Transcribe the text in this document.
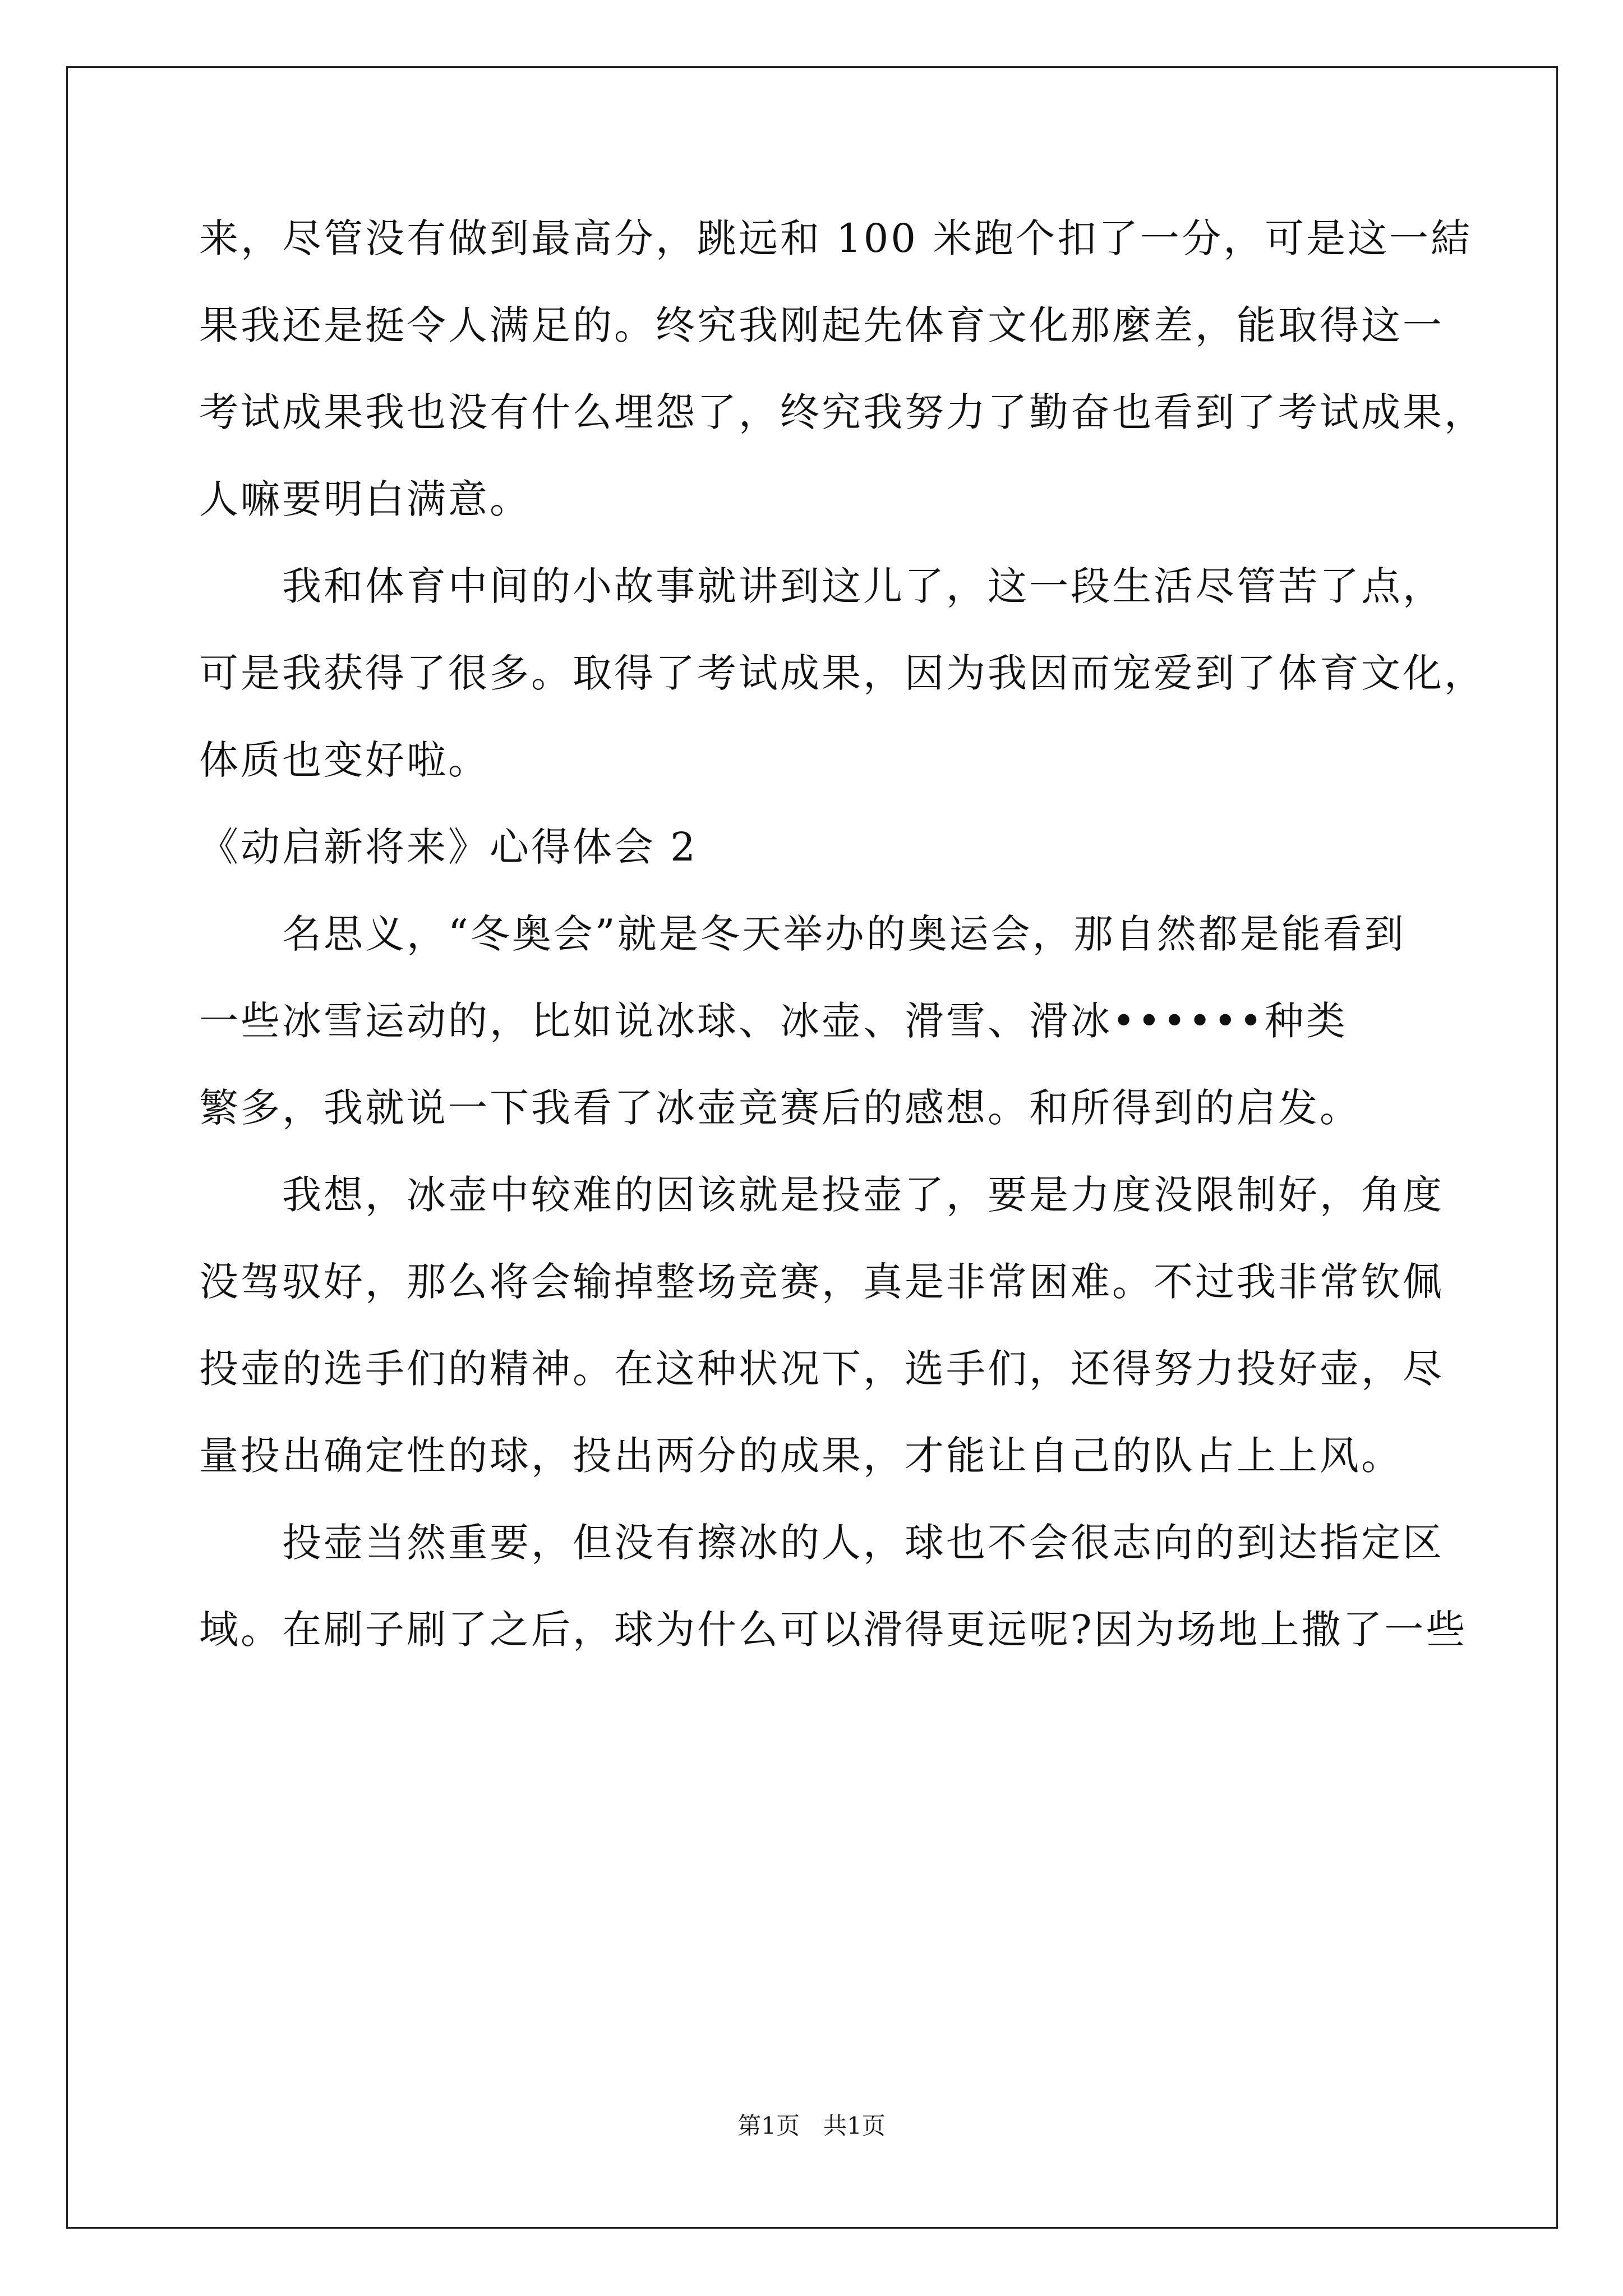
来，尽管没有做到最高分，跳远和 100 米跑个扣了一分，可是这一結
果我还是挺令人满足的。终究我刚起先体育文化那麼差，能取得这一
考试成果我也没有什么埋怨了，终究我努力了勤奋也看到了考试成果，
人嘛要明白满意。
　　我和体育中间的小故事就讲到这儿了，这一段生活尽管苦了点，
可是我获得了很多。取得了考试成果，因为我因而宠爱到了体育文化，
体质也变好啦。
《动启新将来》心得体会 2
　　名思义，“冬奥会”就是冬天举办的奥运会，那自然都是能看到
一些冰雪运动的，比如说冰球、冰壶、滑雪、滑冰••••••种类
繁多，我就说一下我看了冰壶竞赛后的感想。和所得到的启发。
　　我想，冰壶中较难的因该就是投壶了，要是力度没限制好，角度
没驾驭好，那么将会输掉整场竞赛，真是非常困难。不过我非常钦佩
投壶的选手们的精神。在这种状况下，选手们，还得努力投好壶，尽
量投出确定性的球，投出两分的成果，才能让自己的队占上上风。
　　投壶当然重要，但没有擦冰的人，球也不会很志向的到达指定区
域。在刷子刷了之后，球为什么可以滑得更远呢?因为场地上撒了一些
第1页　共1页
